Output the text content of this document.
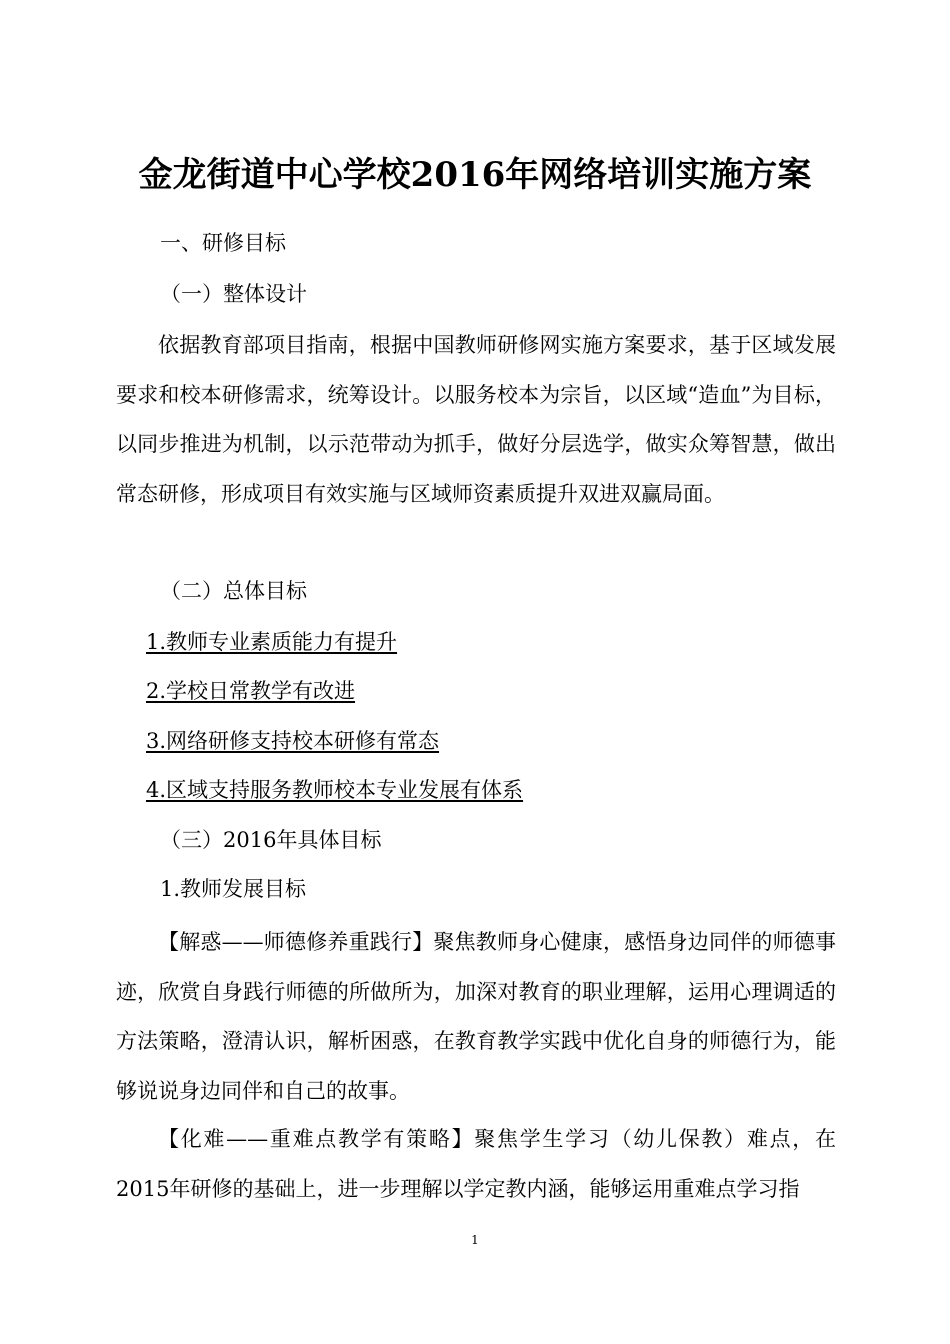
金龙街道中心学校2016年网络培训实施方案
一、研修目标
（一）整体设计
依据教育部项目指南，根据中国教师研修网实施方案要求，基于区域发展要求和校本研修需求，统筹设计。以服务校本为宗旨，以区域“造血”为目标，以同步推进为机制，以示范带动为抓手，做好分层选学，做实众筹智慧，做出常态研修，形成项目有效实施与区域师资素质提升双进双赢局面。
（二）总体目标
1.教师专业素质能力有提升
2.学校日常教学有改进
3.网络研修支持校本研修有常态
4.区域支持服务教师校本专业发展有体系
（三）2016年具体目标
1.教师发展目标
【解惑——师德修养重践行】聚焦教师身心健康，感悟身边同伴的师德事迹，欣赏自身践行师德的所做所为，加深对教育的职业理解，运用心理调适的方法策略，澄清认识，解析困惑，在教育教学实践中优化自身的师德行为，能够说说身边同伴和自己的故事。
【化难——重难点教学有策略】聚焦学生学习（幼儿保教）难点，在2015年研修的基础上，进一步理解以学定教内涵，能够运用重难点学习指
1
